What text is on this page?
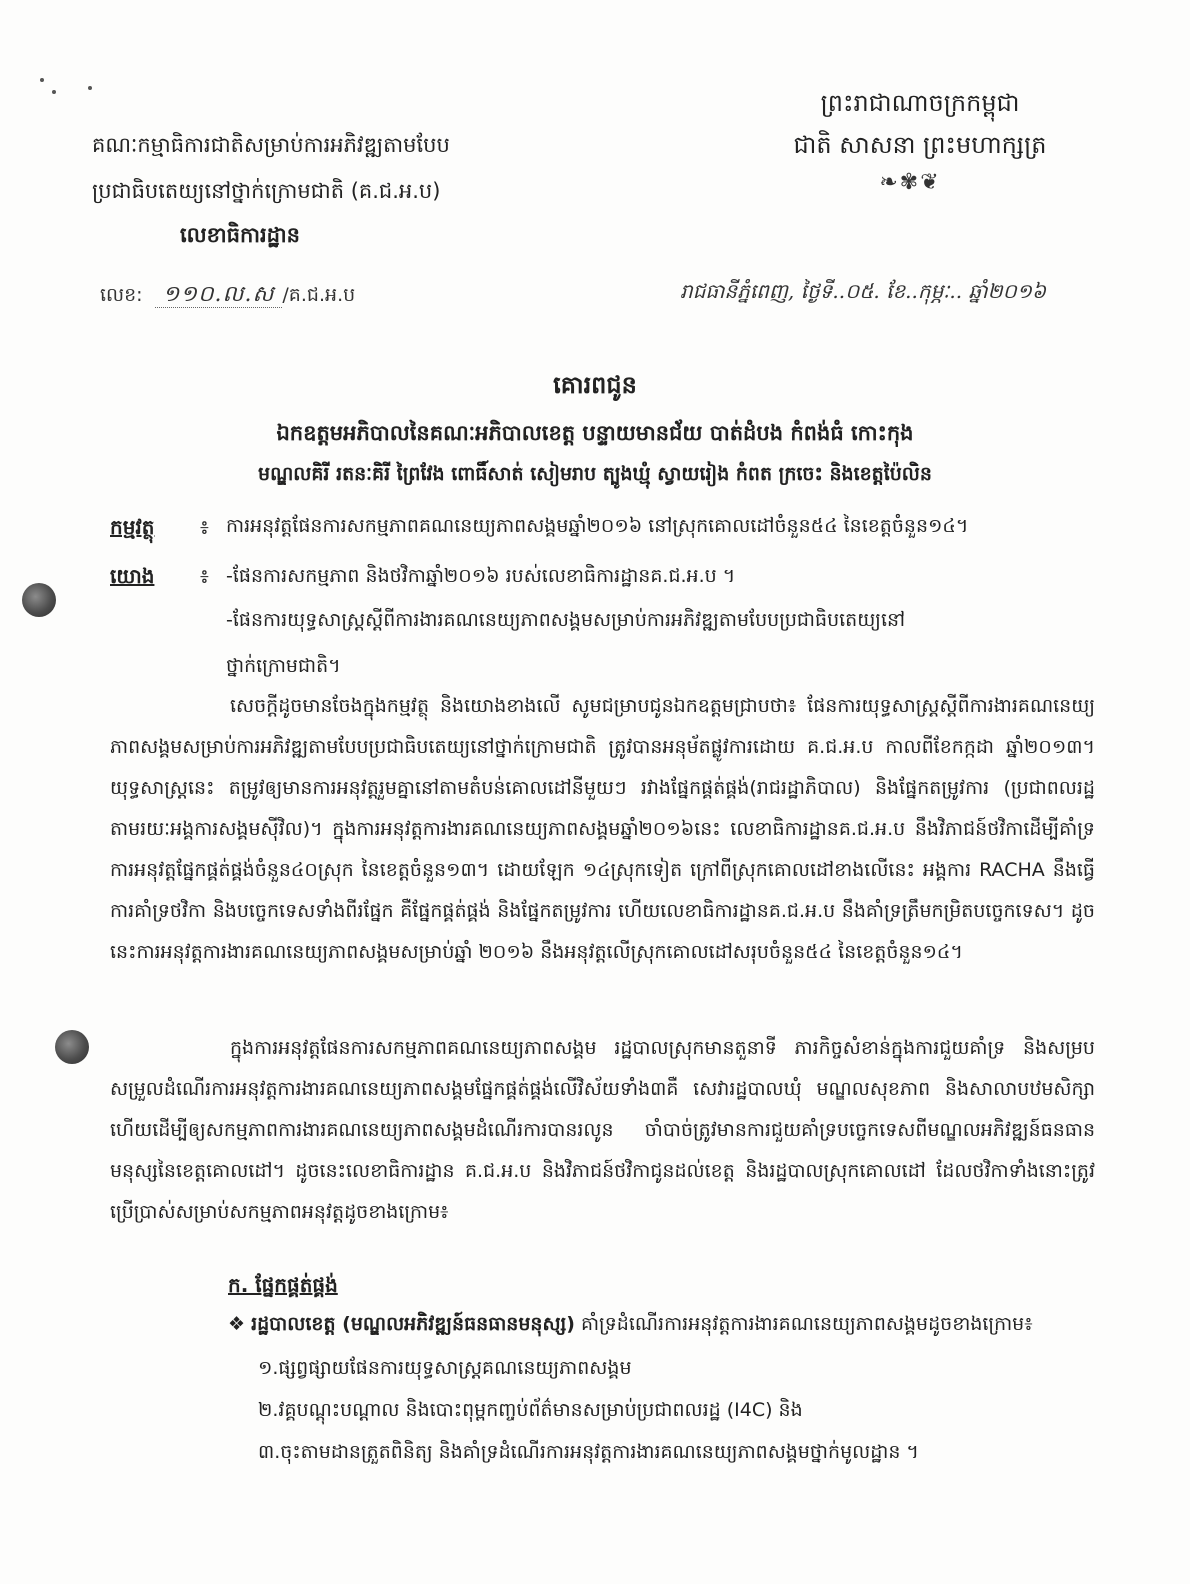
ព្រះរាជាណាចក្រកម្ពុជា
ជាតិ សាសនា ព្រះមហាក្សត្រ
❧✾❦
គណៈកម្មាធិការជាតិសម្រាប់ការអភិវឌ្ឍតាមបែប
ប្រជាធិបតេយ្យនៅថ្នាក់ក្រោមជាតិ (គ.ជ.អ.ប)
លេខាធិការដ្ឋាន
លេខ: ១១០.ល.ស /គ.ជ.អ.ប	រាជធានីភ្នំពេញ, ថ្ងៃទី..០៥. ខែ..កុម្ភៈ.. ឆ្នាំ២០១៦
គោរពជូន
ឯកឧត្តមអភិបាលនៃគណៈអភិបាលខេត្ត បន្ទាយមានជ័យ បាត់ដំបង កំពង់ធំ កោះកុង
មណ្ឌលគិរី រតនៈគិរី ព្រៃវែង ពោធិ៍សាត់ សៀមរាប ត្បូងឃ្មុំ ស្វាយរៀង កំពត ក្រចេះ និងខេត្តប៉ៃលិន
កម្មវត្ថុ ៖ ការអនុវត្តផែនការសកម្មភាពគណនេយ្យភាពសង្គមឆ្នាំ២០១៦ នៅស្រុកគោលដៅចំនួន៥៤ នៃខេត្តចំនួន១៤។
យោង ៖ -ផែនការសកម្មភាព និងថវិកាឆ្នាំ២០១៦ របស់លេខាធិការដ្ឋានគ.ជ.អ.ប ។
-ផែនការយុទ្ធសាស្ត្រស្តីពីការងារគណនេយ្យភាពសង្គមសម្រាប់ការអភិវឌ្ឍតាមបែបប្រជាធិបតេយ្យនៅ
ថ្នាក់ក្រោមជាតិ។
សេចក្តីដូចមានចែងក្នុងកម្មវត្ថុ និងយោងខាងលើ សូមជម្រាបជូនឯកឧត្តមជ្រាបថា៖ ផែនការយុទ្ធសាស្ត្រស្តីពីការងារគណនេយ្យភាពសង្គមសម្រាប់ការអភិវឌ្ឍតាមបែបប្រជាធិបតេយ្យនៅថ្នាក់ក្រោមជាតិ ត្រូវបានអនុម័តផ្លូវការដោយ គ.ជ.អ.ប កាលពីខែកក្កដា ឆ្នាំ២០១៣។ យុទ្ធសាស្ត្រនេះ តម្រូវឲ្យមានការអនុវត្តរួមគ្នានៅតាមតំបន់គោលដៅនីមួយៗ រវាងផ្នែកផ្គត់ផ្គង់(រាជរដ្ឋាភិបាល) និងផ្នែកតម្រូវការ (ប្រជាពលរដ្ឋតាមរយៈអង្គការសង្គមស៊ីវិល)។ ក្នុងការអនុវត្តការងារគណនេយ្យភាពសង្គមឆ្នាំ២០១៦នេះ លេខាធិការដ្ឋានគ.ជ.អ.ប នឹងវិភាជន៍ថវិកាដើម្បីគាំទ្រការអនុវត្តផ្នែកផ្គត់ផ្គង់ចំនួន៤០ស្រុក នៃខេត្តចំនួន១៣។ ដោយឡែក ១៤ស្រុកទៀត ក្រៅពីស្រុកគោលដៅខាងលើនេះ អង្គការ RACHA នឹងធ្វើការគាំទ្រថវិកា និងបច្ចេកទេសទាំងពីរផ្នែក គឺផ្នែកផ្គត់ផ្គង់ និងផ្នែកតម្រូវការ ហើយលេខាធិការដ្ឋានគ.ជ.អ.ប នឹងគាំទ្រត្រឹមកម្រិតបច្ចេកទេស។ ដូចនេះការអនុវត្តការងារគណនេយ្យភាពសង្គមសម្រាប់ឆ្នាំ ២០១៦ នឹងអនុវត្តលើស្រុកគោលដៅសរុបចំនួន៥៤ នៃខេត្តចំនួន១៤។
ក្នុងការអនុវត្តផែនការសកម្មភាពគណនេយ្យភាពសង្គម រដ្ឋបាលស្រុកមានតួនាទី ភារកិច្ចសំខាន់ក្នុងការជួយគាំទ្រ និងសម្របសម្រួលដំណើរការអនុវត្តការងារគណនេយ្យភាពសង្គមផ្នែកផ្គត់ផ្គង់លើវិស័យទាំង៣គឺ សេវារដ្ឋបាលឃុំ មណ្ឌលសុខភាព និងសាលាបឋមសិក្សា ហើយដើម្បីឲ្យសកម្មភាពការងារគណនេយ្យភាពសង្គមដំណើរការបានរលូន ចាំបាច់ត្រូវមានការជួយគាំទ្របច្ចេកទេសពីមណ្ឌលអភិវឌ្ឍន៍ធនធានមនុស្សនៃខេត្តគោលដៅ។ ដូចនេះលេខាធិការដ្ឋាន គ.ជ.អ.ប និងវិភាជន៍ថវិកាជូនដល់ខេត្ត និងរដ្ឋបាលស្រុកគោលដៅ ដែលថវិកាទាំងនោះត្រូវប្រើប្រាស់សម្រាប់សកម្មភាពអនុវត្តដូចខាងក្រោម៖
ក. ផ្នែកផ្គត់ផ្គង់
❖ រដ្ឋបាលខេត្ត (មណ្ឌលអភិវឌ្ឍន៍ធនធានមនុស្ស) គាំទ្រដំណើរការអនុវត្តការងារគណនេយ្យភាពសង្គមដូចខាងក្រោម៖
១.ផ្សព្វផ្សាយផែនការយុទ្ធសាស្ត្រគណនេយ្យភាពសង្គម
២.វគ្គបណ្តុះបណ្តាល និងបោះពុម្ពកញ្ចប់ព័ត៌មានសម្រាប់ប្រជាពលរដ្ឋ (I4C) និង
៣.ចុះតាមដានត្រួតពិនិត្យ និងគាំទ្រដំណើរការអនុវត្តការងារគណនេយ្យភាពសង្គមថ្នាក់មូលដ្ឋាន ។
